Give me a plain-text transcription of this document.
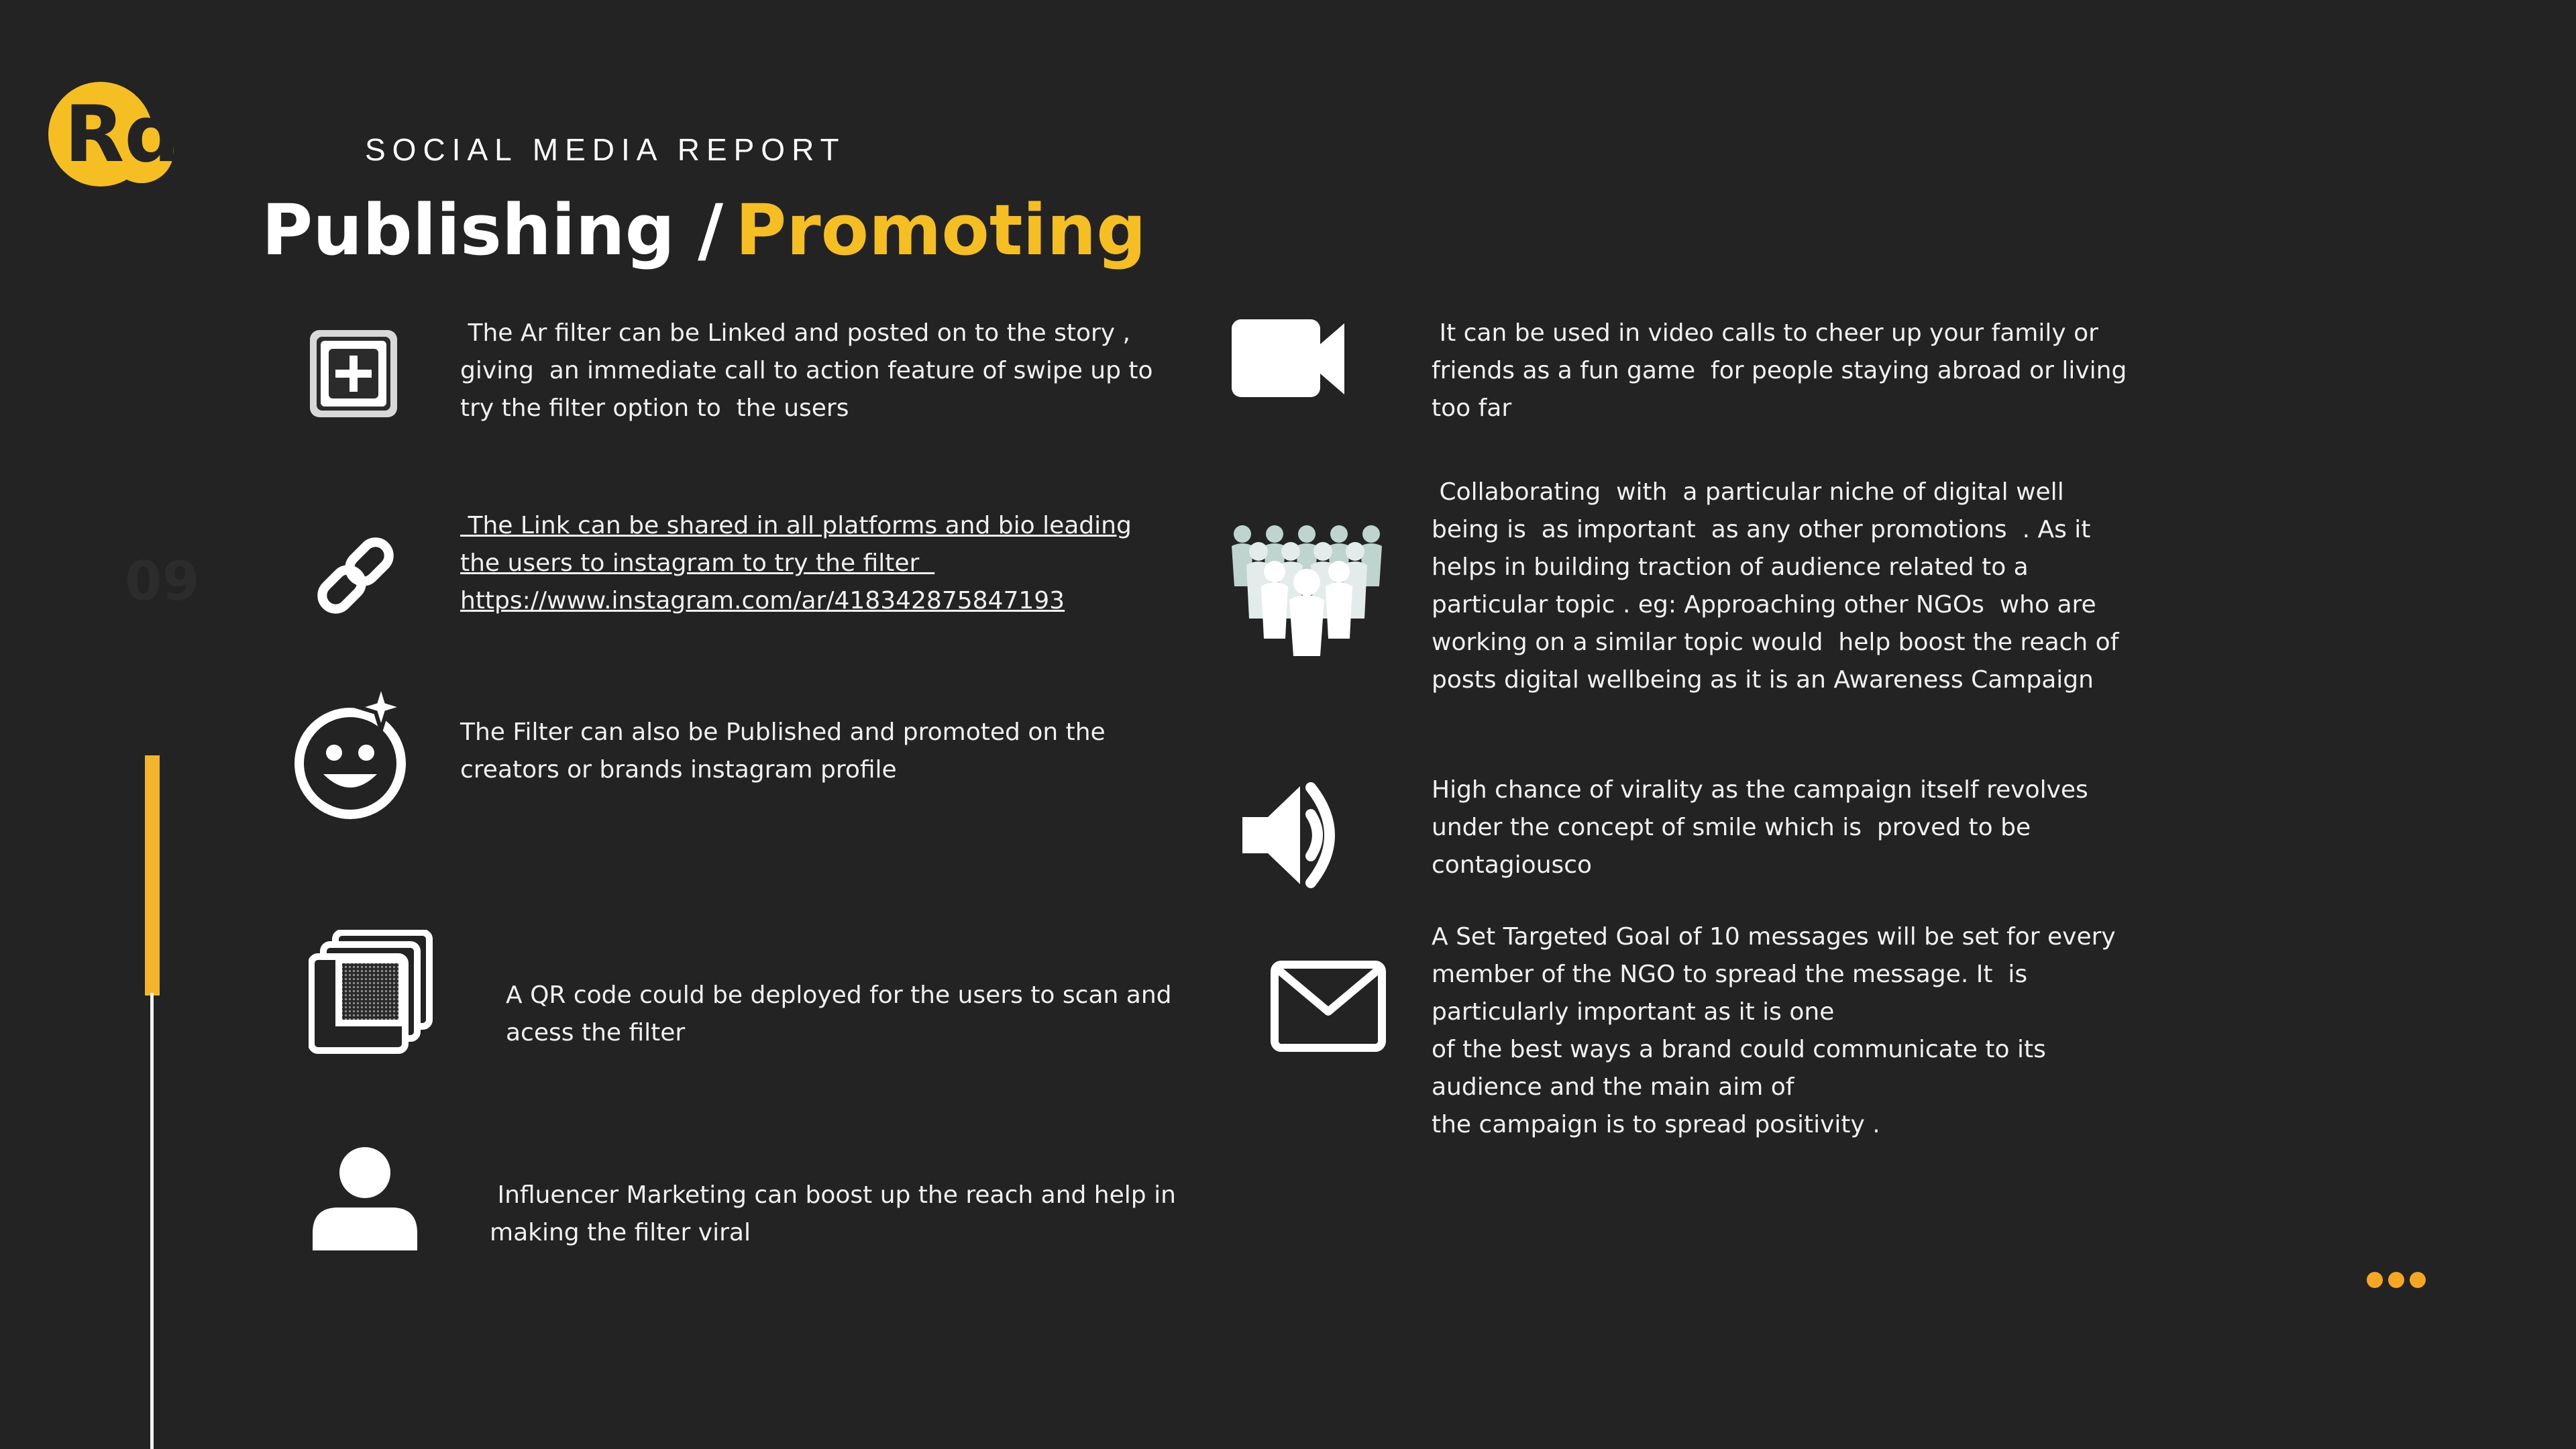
Rd	SOCIAL MEDIA REPORT
Publishing / Promoting
09
The Ar filter can be Linked and posted on to the story ,
giving  an immediate call to action feature of swipe up to
try the filter option to  the users
The Link can be shared in all platforms and bio leading
the users to instagram to try the filter
https://www.instagram.com/ar/418342875847193
The Filter can also be Published and promoted on the
creators or brands instagram profile
A QR code could be deployed for the users to scan and
acess the filter
Influencer Marketing can boost up the reach and help in
making the filter viral
It can be used in video calls to cheer up your family or
friends as a fun game  for people staying abroad or living
too far
Collaborating  with  a particular niche of digital well
being is  as important  as any other promotions  . As it
helps in building traction of audience related to a
particular topic . eg: Approaching other NGOs  who are
working on a similar topic would  help boost the reach of
posts digital wellbeing as it is an Awareness Campaign
High chance of virality as the campaign itself revolves
under the concept of smile which is  proved to be
contagiousco
A Set Targeted Goal of 10 messages will be set for every
member of the NGO to spread the message. It  is
particularly important as it is one
of the best ways a brand could communicate to its
audience and the main aim of
the campaign is to spread positivity .
